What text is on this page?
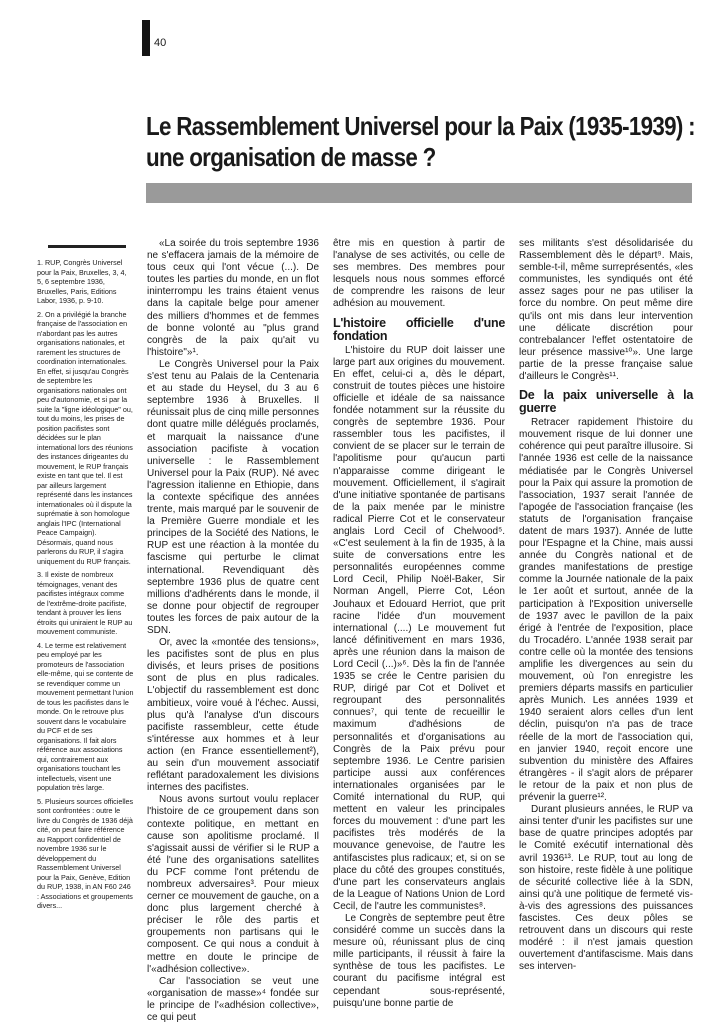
40
Le Rassemblement Universel pour la Paix (1935-1939) :
une organisation de masse ?

1. RUP, Congrès Universel pour la Paix, Bruxelles, 3, 4, 5, 6 septembre 1936, Bruxelles, Paris, Editions Labor, 1936, p. 9-10.

2. On a privilégié la branche française de l'association en n'abordant pas les autres organisations nationales, et rarement les structures de coordination internationales. En effet, si jusqu'au Congrès de septembre les organisations nationales ont peu d'autonomie, et si par la suite la "ligne idéologique" ou, tout du moins, les prises de position pacifistes sont décidées sur le plan international lors des réunions des instances dirigeantes du mouvement, le RUP français existe en tant que tel. Il est par ailleurs largement représenté dans les instances internationales où il dispute la suprématie à son homologue anglais l'IPC (International Peace Campaign). Désormais, quand nous parlerons du RUP, il s'agira uniquement du RUP français.

3. Il existe de nombreux témoignages, venant des pacifistes intégraux comme de l'extrême-droite pacifiste, tendant à prouver les liens étroits qui uniraient le RUP au mouvement communiste.

4. Le terme est relativement peu employé par les promoteurs de l'association elle-même, qui se contente de se revendiquer comme un mouvement permettant l'union de tous les pacifistes dans le monde. On le retrouve plus souvent dans le vocabulaire du PCF et de ses organisations. Il fait alors référence aux associations qui, contrairement aux organisations touchant les intellectuels, visent une population très large.

5. Plusieurs sources officielles sont confrontées : outre le livre du Congrès de 1936 déjà cité, on peut faire référence au Rapport confidentiel de novembre 1936 sur le développement du Rassemblement Universel pour la Paix, Genève, Edition du RUP, 1938, in AN F60 246 : Associations et groupements divers...

«La soirée du trois septembre 1936 ne s'effacera jamais de la mémoire de tous ceux qui l'ont vécue (...). De toutes les parties du monde, en un flot ininterrompu les trains étaient venus dans la capitale belge pour amener des milliers d'hommes et de femmes de bonne volonté au "plus grand congrès de la paix qu'ait vu l'histoire"»¹.

Le Congrès Universel pour la Paix s'est tenu au Palais de la Centenaria et au stade du Heysel, du 3 au 6 septembre 1936 à Bruxelles. Il réunissait plus de cinq mille personnes dont quatre mille délégués proclamés, et marquait la naissance d'une association pacifiste à vocation universelle : le Rassemblement Universel pour la Paix (RUP). Né avec l'agression italienne en Ethiopie, dans la contexte spécifique des années trente, mais marqué par le souvenir de la Première Guerre mondiale et les principes de la Société des Nations, le RUP est une réaction à la montée du fascisme qui perturbe le climat international. Revendiquant dès septembre 1936 plus de quatre cent millions d'adhérents dans le monde, il se donne pour objectif de regrouper toutes les forces de paix autour de la SDN.

Or, avec la «montée des tensions», les pacifistes sont de plus en plus divisés, et leurs prises de positions sont de plus en plus radicales. L'objectif du rassemblement est donc ambitieux, voire voué à l'échec. Aussi, plus qu'à l'analyse d'un discours pacifiste rassembleur, cette étude s'intéresse aux hommes et à leur action (en France essentiellement²), au sein d'un mouvement associatif reflétant paradoxalement les divisions internes des pacifistes.

Nous avons surtout voulu replacer l'histoire de ce groupement dans son contexte politique, en mettant en cause son apolitisme proclamé. Il s'agissait aussi de vérifier si le RUP a été l'une des organisations satellites du PCF comme l'ont prétendu de nombreux adversaires³. Pour mieux cerner ce mouvement de gauche, on a donc plus largement cherché à préciser le rôle des partis et groupements non partisans qui le composent. Ce qui nous a conduit à mettre en doute le principe de l'«adhésion collective».

Car l'association se veut une «organisation de masse»⁴ fondée sur le principe de l'«adhésion collective», ce qui peut

être mis en question à partir de l'analyse de ses activités, ou celle de ses membres. Des membres pour lesquels nous nous sommes efforcé de comprendre les raisons de leur adhésion au mouvement.

L'histoire officielle d'une fondation

L'histoire du RUP doit laisser une large part aux origines du mouvement. En effet, celui-ci a, dès le départ, construit de toutes pièces une histoire officielle et idéale de sa naissance fondée notamment sur la réussite du congrès de septembre 1936. Pour rassembler tous les pacifistes, il convient de se placer sur le terrain de l'apolitisme pour qu'aucun parti n'apparaisse comme dirigeant le mouvement. Officiellement, il s'agirait d'une initiative spontanée de partisans de la paix menée par le ministre radical Pierre Cot et le conservateur anglais Lord Cecil of Chelwood⁵. «C'est seulement à la fin de 1935, à la suite de conversations entre les personnalités européennes comme Lord Cecil, Philip Noël-Baker, Sir Norman Angell, Pierre Cot, Léon Jouhaux et Edouard Herriot, que prit racine l'idée d'un mouvement international (....) Le mouvement fut lancé définitivement en mars 1936, après une réunion dans la maison de Lord Cecil (...)»⁶. Dès la fin de l'année 1935 se crée le Centre parisien du RUP, dirigé par Cot et Dolivet et regroupant des personnalités connues⁷, qui tente de recueillir le maximum d'adhésions de personnalités et d'organisations au Congrès de la Paix prévu pour septembre 1936. Le Centre parisien participe aussi aux conférences internationales organisées par le Comité international du RUP, qui mettent en valeur les principales forces du mouvement : d'une part les pacifistes très modérés de la mouvance genevoise, de l'autre les antifascistes plus radicaux; et, si on se place du côté des groupes constitués, d'une part les conservateurs anglais de la League of Nations Union de Lord Cecil, de l'autre les communistes⁸.

Le Congrès de septembre peut être considéré comme un succès dans la mesure où, réunissant plus de cinq mille participants, il réussit à faire la synthèse de tous les pacifistes. Le courant du pacifisme intégral est cependant sous-représenté, puisqu'une bonne partie de

ses militants s'est désolidarisée du Rassemblement dès le départ⁹. Mais, semble-t-il, même surreprésentés, «les communistes, les syndiqués ont été assez sages pour ne pas utiliser la force du nombre. On peut même dire qu'ils ont mis dans leur intervention une délicate discrétion pour contrebalancer l'effet ostentatoire de leur présence massive¹⁰». Une large partie de la presse française salue d'ailleurs le Congrès¹¹.

De la paix universelle à la guerre

Retracer rapidement l'histoire du mouvement risque de lui donner une cohérence qui peut paraître illusoire. Si l'année 1936 est celle de la naissance médiatisée par le Congrès Universel pour la Paix qui assure la promotion de l'association, 1937 serait l'année de l'apogée de l'association française (les statuts de l'organisation française datent de mars 1937). Année de lutte pour l'Espagne et la Chine, mais aussi année du Congrès national et de grandes manifestations de prestige comme la Journée nationale de la paix le 1er août et surtout, année de la participation à l'Exposition universelle de 1937 avec le pavillon de la paix érigé à l'entrée de l'exposition, place du Trocadéro. L'année 1938 serait par contre celle où la montée des tensions amplifie les divergences au sein du mouvement, où l'on enregistre les premiers départs massifs en particulier après Munich. Les années 1939 et 1940 seraient alors celles d'un lent déclin, puisqu'on n'a pas de trace réelle de la mort de l'association qui, en janvier 1940, reçoit encore une subvention du ministère des Affaires étrangères - il s'agit alors de préparer le retour de la paix et non plus de prévenir la guerre¹².

Durant plusieurs années, le RUP va ainsi tenter d'unir les pacifistes sur une base de quatre principes adoptés par le Comité exécutif international dès avril 1936¹³. Le RUP, tout au long de son histoire, reste fidèle à une politique de sécurité collective liée à la SDN, ainsi qu'à une politique de fermeté vis-à-vis des agressions des puissances fascistes. Ces deux pôles se retrouvent dans un discours qui reste modéré : il n'est jamais question ouvertement d'antifascisme. Mais dans ses interven-
